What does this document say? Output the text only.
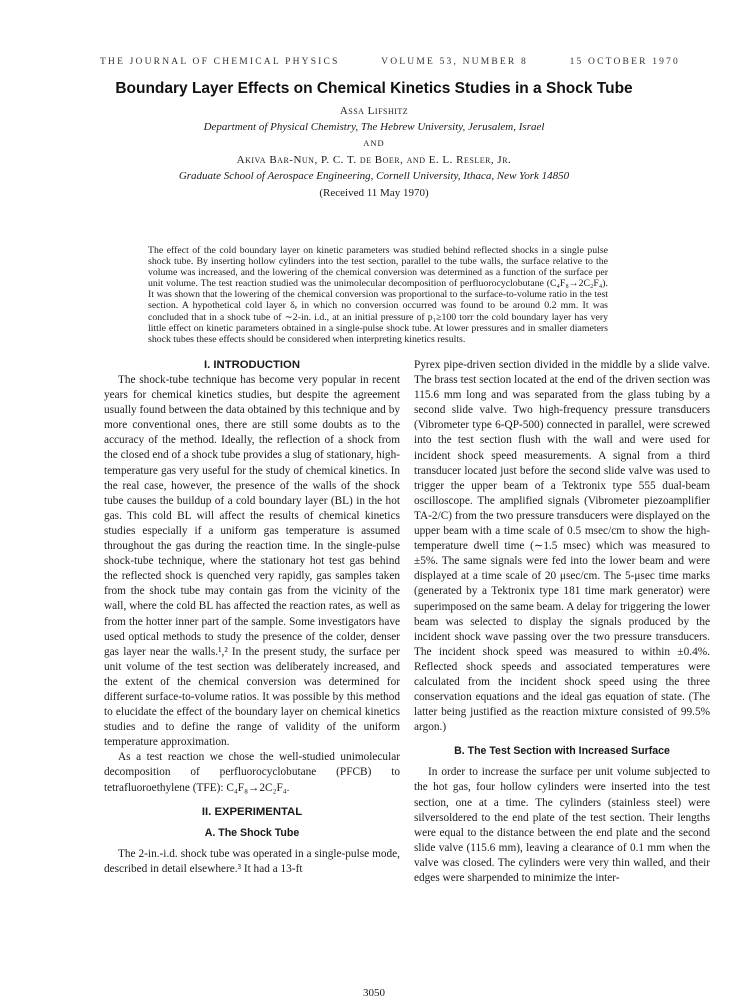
THE JOURNAL OF CHEMICAL PHYSICS	VOLUME 53, NUMBER 8	15 OCTOBER 1970
Boundary Layer Effects on Chemical Kinetics Studies in a Shock Tube
Assa Lifshitz
Department of Physical Chemistry, The Hebrew University, Jerusalem, Israel
AND
Akiva Bar-Nun, P. C. T. de Boer, and E. L. Resler, Jr.
Graduate School of Aerospace Engineering, Cornell University, Ithaca, New York 14850
(Received 11 May 1970)
The effect of the cold boundary layer on kinetic parameters was studied behind reflected shocks in a single pulse shock tube. By inserting hollow cylinders into the test section, parallel to the tube walls, the surface relative to the volume was increased, and the lowering of the chemical conversion was determined as a function of the surface per unit volume. The test reaction studied was the unimolecular decomposition of perfluorocyclobutane (C₄F₈→2C₂F₄). It was shown that the lowering of the chemical conversion was proportional to the surface-to-volume ratio in the test section. A hypothetical cold layer δₑ in which no conversion occurred was found to be around 0.2 mm. It was concluded that in a shock tube of ∼2-in. i.d., at an initial pressure of p₁≥100 torr the cold boundary layer has very little effect on kinetic parameters obtained in a single-pulse shock tube. At lower pressures and in smaller diameters shock tubes these effects should be considered when interpreting kinetics results.
I. INTRODUCTION

The shock-tube technique has become very popular in recent years for chemical kinetics studies, but despite the agreement usually found between the data obtained by this technique and by more conventional ones, there are still some doubts as to the accuracy of the method. Ideally, the reflection of a shock from the closed end of a shock tube provides a slug of stationary, high-temperature gas very useful for the study of chemical kinetics. In the real case, however, the presence of the walls of the shock tube causes the buildup of a cold boundary layer (BL) in the hot gas. This cold BL will affect the results of chemical kinetics studies especially if a uniform gas temperature is assumed throughout the gas during the reaction time. In the single-pulse shock-tube technique, where the stationary hot test gas behind the reflected shock is quenched very rapidly, gas samples taken from the shock tube may contain gas from the vicinity of the wall, where the cold BL has affected the reaction rates, as well as from the hotter inner part of the sample. Some investigators have used optical methods to study the presence of the colder, denser gas layer near the walls.¹,² In the present study, the surface per unit volume of the test section was deliberately increased, and the extent of the chemical conversion was determined for different surface-to-volume ratios. It was possible by this method to elucidate the effect of the boundary layer on chemical kinetics studies and to define the range of validity of the uniform temperature approximation.

As a test reaction we chose the well-studied unimolecular decomposition of perfluorocyclobutane (PFCB) to tetrafluoroethylene (TFE): C₄F₈→2C₂F₄.

II. EXPERIMENTAL
A. The Shock Tube

The 2-in.-i.d. shock tube was operated in a single-pulse mode, described in detail elsewhere.³ It had a 13-ft

Pyrex pipe-driven section divided in the middle by a slide valve. The brass test section located at the end of the driven section was 115.6 mm long and was separated from the glass tubing by a second slide valve. Two high-frequency pressure transducers (Vibrometer type 6-QP-500) connected in parallel, were screwed into the test section flush with the wall and were used for incident shock speed measurements. A signal from a third transducer located just before the second slide valve was used to trigger the upper beam of a Tektronix type 555 dual-beam oscilloscope. The amplified signals (Vibrometer piezoamplifier TA-2/C) from the two pressure transducers were displayed on the upper beam with a time scale of 0.5 msec/cm to show the high-temperature dwell time (∼1.5 msec) which was measured to ±5%. The same signals were fed into the lower beam and were displayed at a time scale of 20 μsec/cm. The 5-μsec time marks (generated by a Tektronix type 181 time mark generator) were superimposed on the same beam. A delay for triggering the lower beam was selected to display the signals produced by the incident shock wave passing over the two pressure transducers. The incident shock speed was measured to within ±0.4%. Reflected shock speeds and associated temperatures were calculated from the incident shock speed using the three conservation equations and the ideal gas equation of state. (The latter being justified as the reaction mixture consisted of 99.5% argon.)

B. The Test Section with Increased Surface

In order to increase the surface per unit volume subjected to the hot gas, four hollow cylinders were inserted into the test section, one at a time. The cylinders (stainless steel) were silversoldered to the end plate of the test section. Their lengths were equal to the distance between the end plate and the second slide valve (115.6 mm), leaving a clearance of 0.1 mm when the valve was closed. The cylinders were very thin walled, and their edges were sharpended to minimize the inter-

3050
